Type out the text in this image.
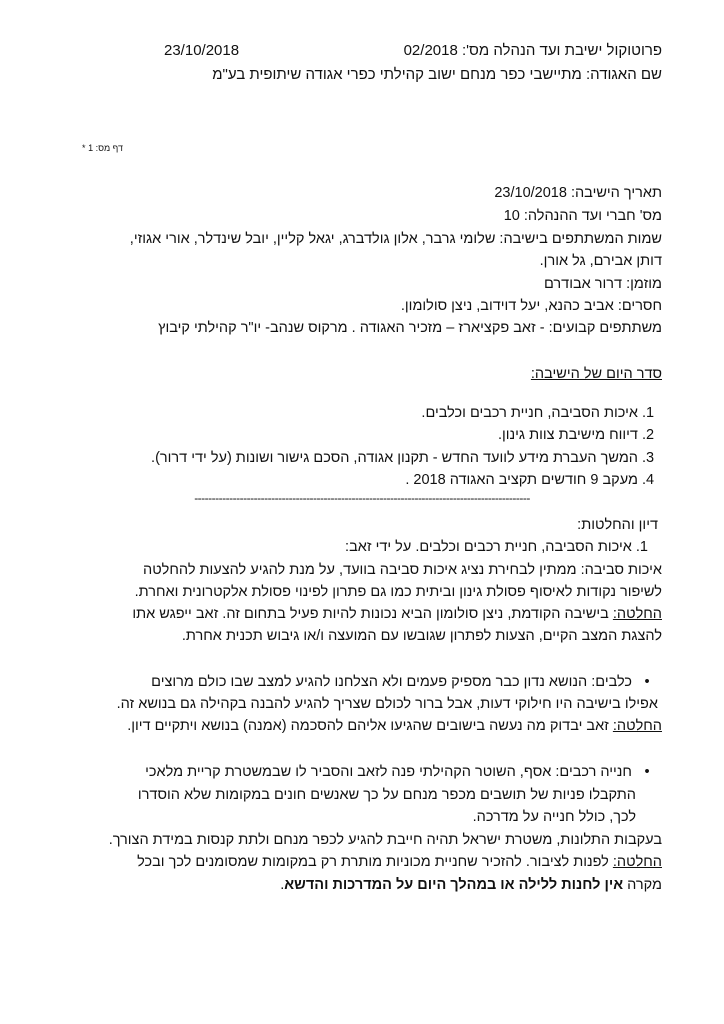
פרוטוקול ישיבת ועד הנהלה מס': 02/2018
23/10/2018
שם האגודה: מתיישבי כפר מנחם ישוב קהילתי כפרי אגודה שיתופית בע"מ
דף מס: 1 *
תאריך הישיבה: 23/10/2018
מס' חברי ועד ההנהלה: 10
שמות המשתתפים בישיבה: שלומי גרבר, אלון גולדברג, יגאל קליין, יובל שינדלר, אורי אגוזי,
דותן אבירם, גל אורן.
מוזמן: דרור אבודרם
חסרים: אביב כהנא, יעל דוידוב, ניצן סולומון.
משתתפים קבועים: - זאב פקציארז – מזכיר האגודה . מרקוס שנהב- יו"ר קהילתי קיבוץ
סדר היום של הישיבה:
1. איכות הסביבה, חניית רכבים וכלבים.
2. דיווח מישיבת צוות גינון.
3. המשך העברת מידע לוועד החדש - תקנון אגודה, הסכם גישור ושונות (על ידי דרור).
4. מעקב 9 חודשים תקציב האגודה 2018 .
------------------------------------------------------------------------------------------------
דיון והחלטות:
1. איכות הסביבה, חניית רכבים וכלבים. על ידי זאב:
איכות סביבה: ממתין לבחירת נציג איכות סביבה בוועד, על מנת להגיע להצעות להחלטה
לשיפור נקודות לאיסוף פסולת גינון וביתית כמו גם פתרון לפינוי פסולת אלקטרונית ואחרת.
החלטה: בישיבה הקודמת, ניצן סולומון הביא נכונות להיות פעיל בתחום זה. זאב ייפגש אתו
להצגת המצב הקיים, הצעות לפתרון שגובשו עם המועצה ו/או גיבוש תכנית אחרת.
• כלבים: הנושא נדון כבר מספיק פעמים ולא הצלחנו להגיע למצב שבו כולם מרוצים
אפילו בישיבה היו חילוקי דעות, אבל ברור לכולם שצריך להגיע להבנה בקהילה גם בנושא זה.
החלטה: זאב יבדוק מה נעשה בישובים שהגיעו אליהם להסכמה (אמנה) בנושא ויתקיים דיון.
• חנייה רכבים: אסף, השוטר הקהילתי פנה לזאב והסביר לו שבמשטרת קריית מלאכי
התקבלו פניות של תושבים מכפר מנחם על כך שאנשים חונים במקומות שלא הוסדרו
לכך, כולל חנייה על מדרכה.
בעקבות התלונות, משטרת ישראל תהיה חייבת להגיע לכפר מנחם ולתת קנסות במידת הצורך.
החלטה: לפנות לציבור. להזכיר שחניית מכוניות מותרת רק במקומות שמסומנים לכך ובכל
מקרה אין לחנות ללילה או במהלך היום על המדרכות והדשא.
